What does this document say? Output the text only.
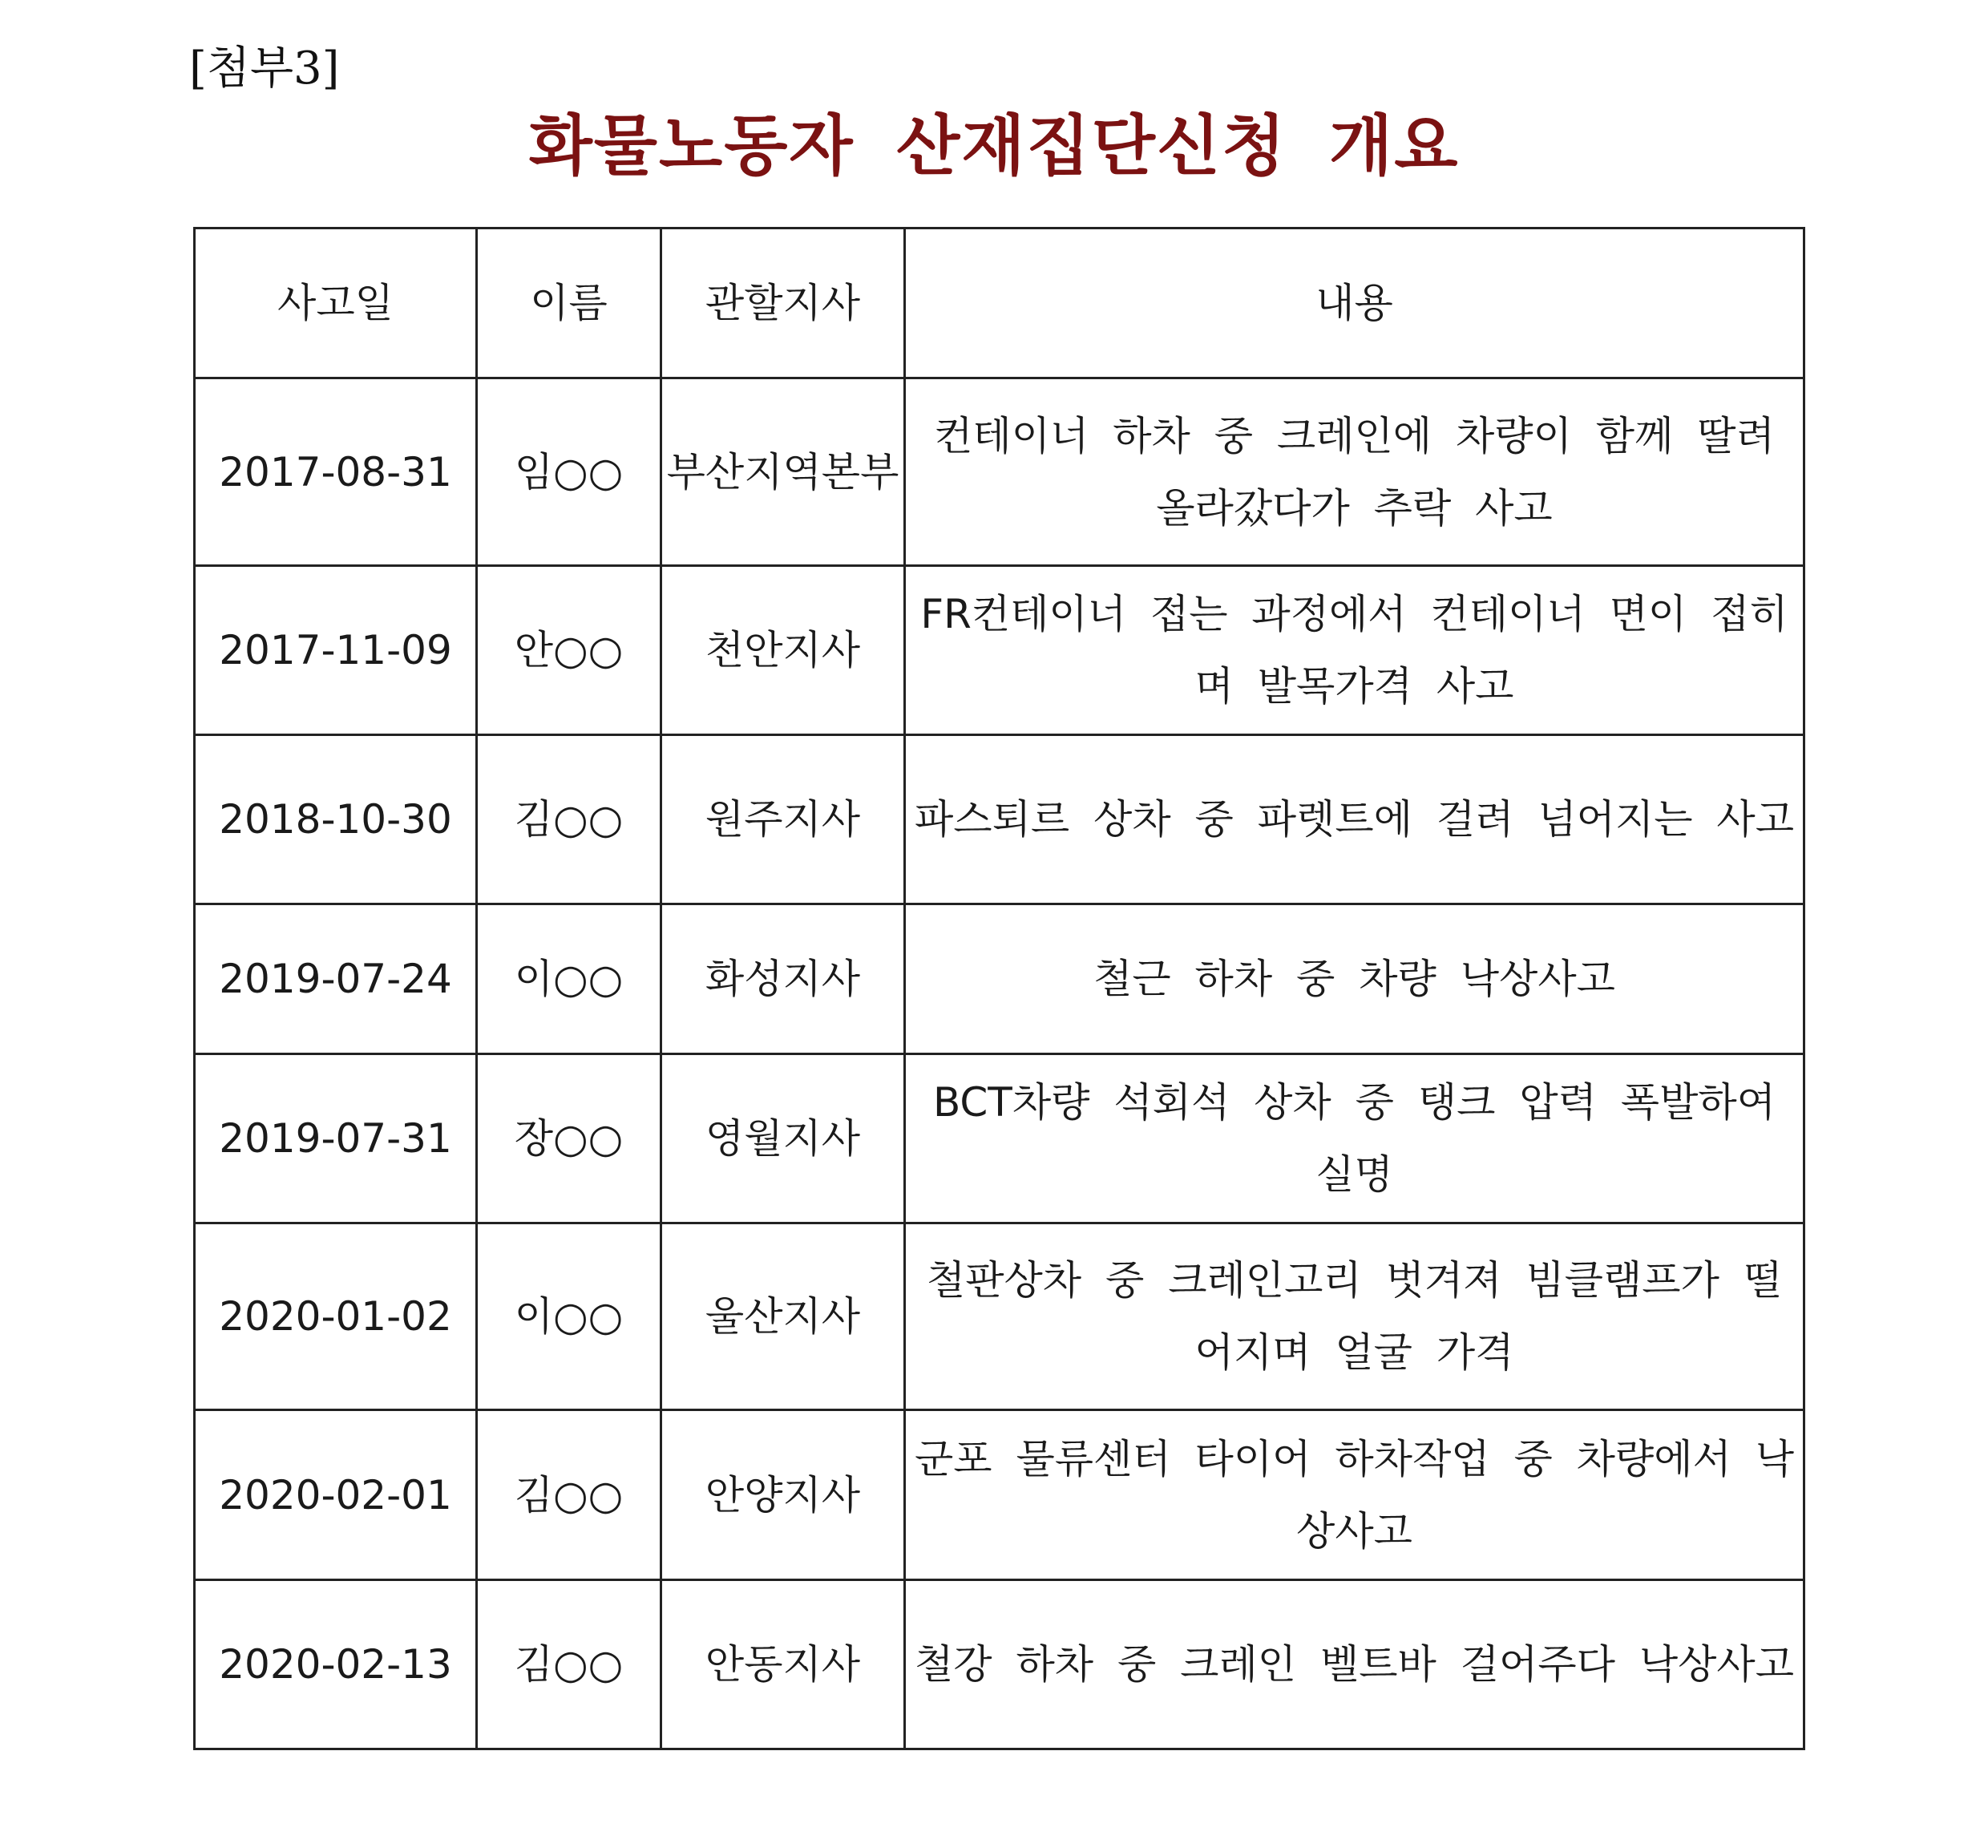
[첨부3]
화물노동자 산재집단신청 개요
사고일	이름	관할지사	내용
2017-08-31	임○○	부산지역본부	컨테이너 하차 중 크레인에 차량이 함께 딸려 올라갔다가 추락 사고
2017-11-09	안○○	천안지사	FR컨테이너 접는 과정에서 컨테이너 면이 접히며 발목가격 사고
2018-10-30	김○○	원주지사	파스퇴르 상차 중 파렛트에 걸려 넘어지는 사고
2019-07-24	이○○	화성지사	철근 하차 중 차량 낙상사고
2019-07-31	장○○	영월지사	BCT차량 석회석 상차 중 탱크 압력 폭발하여 실명
2020-01-02	이○○	울산지사	철판상차 중 크레인고리 벗겨져 빔클램프가 떨어지며 얼굴 가격
2020-02-01	김○○	안양지사	군포 물류센터 타이어 하차작업 중 차량에서 낙상사고
2020-02-13	김○○	안동지사	철강 하차 중 크레인 벨트바 걸어주다 낙상사고
